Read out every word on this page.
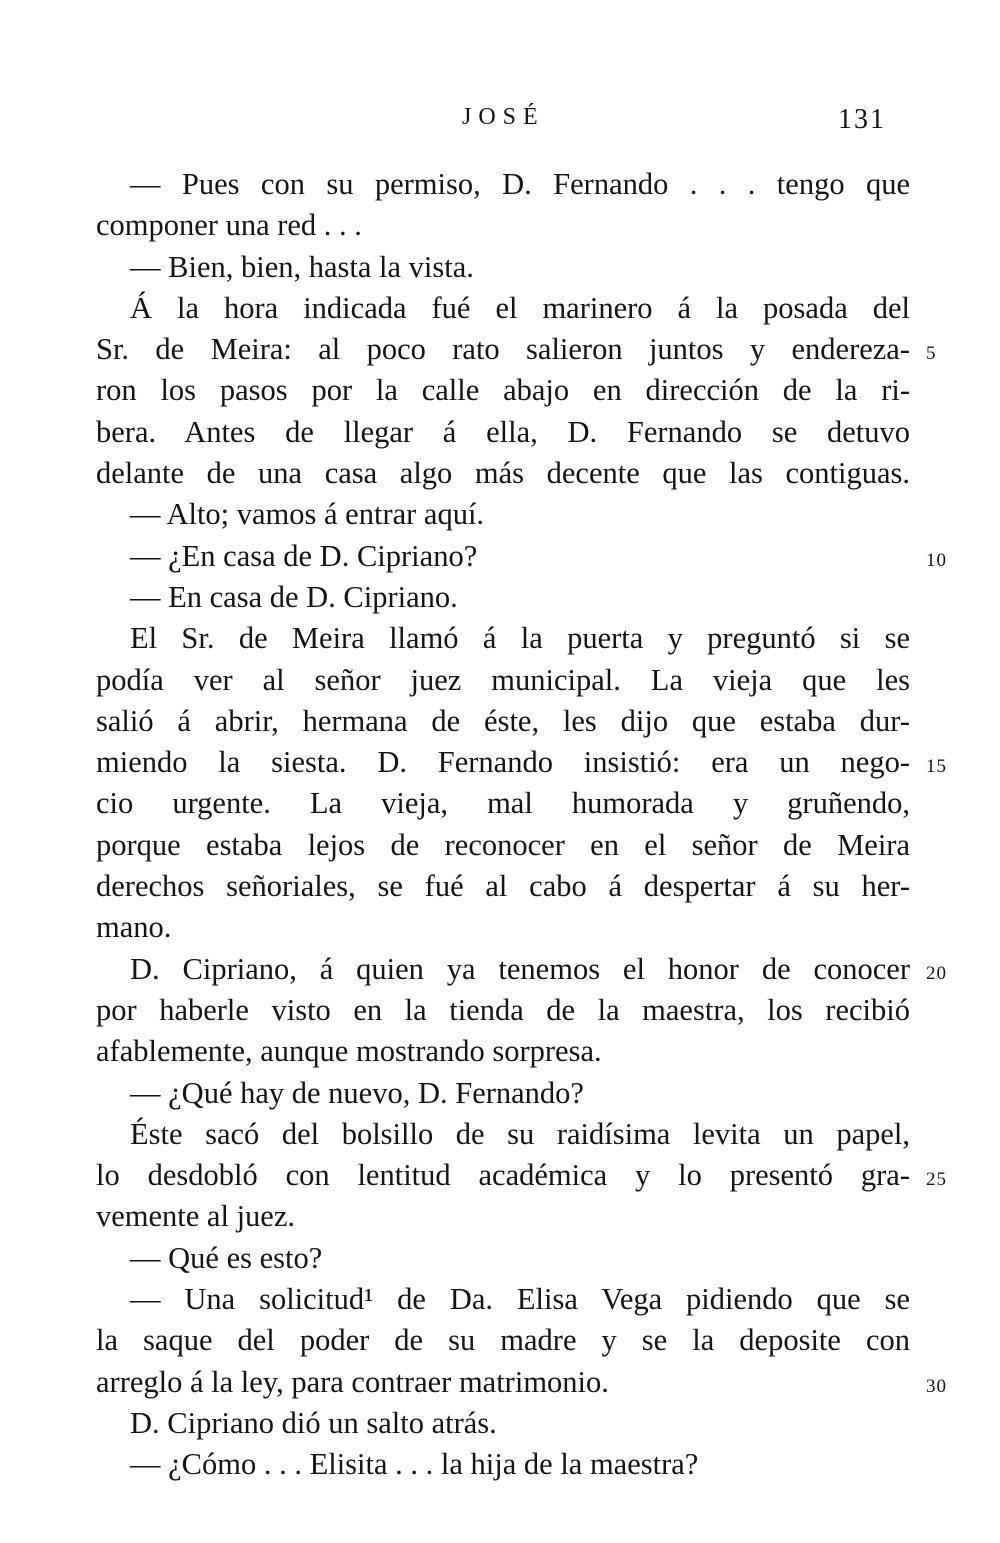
JOSÉ	131
— Pues con su permiso, D. Fernando . . . tengo que
componer una red . . .
— Bien, bien, hasta la vista.
Á la hora indicada fué el marinero á la posada del
Sr. de Meira: al poco rato salieron juntos y endereza- 5
ron los pasos por la calle abajo en dirección de la ri-
bera. Antes de llegar á ella, D. Fernando se detuvo
delante de una casa algo más decente que las contiguas.
— Alto; vamos á entrar aquí.
— ¿En casa de D. Cipriano?	10
— En casa de D. Cipriano.
El Sr. de Meira llamó á la puerta y preguntó si se
podía ver al señor juez municipal. La vieja que les
salió á abrir, hermana de éste, les dijo que estaba dur-
miendo la siesta. D. Fernando insistió: era un nego- 15
cio urgente. La vieja, mal humorada y gruñendo,
porque estaba lejos de reconocer en el señor de Meira
derechos señoriales, se fué al cabo á despertar á su her-
mano.
D. Cipriano, á quien ya tenemos el honor de conocer 20
por haberle visto en la tienda de la maestra, los recibió
afablemente, aunque mostrando sorpresa.
— ¿Qué hay de nuevo, D. Fernando?
Éste sacó del bolsillo de su raidísima levita un papel,
lo desdobló con lentitud académica y lo presentó gra- 25
vemente al juez.
— Qué es esto?
— Una solicitud¹ de Da. Elisa Vega pidiendo que se
la saque del poder de su madre y se la deposite con
arreglo á la ley, para contraer matrimonio.	30
D. Cipriano dió un salto atrás.
— ¿Cómo . . . Elisita . . . la hija de la maestra?
